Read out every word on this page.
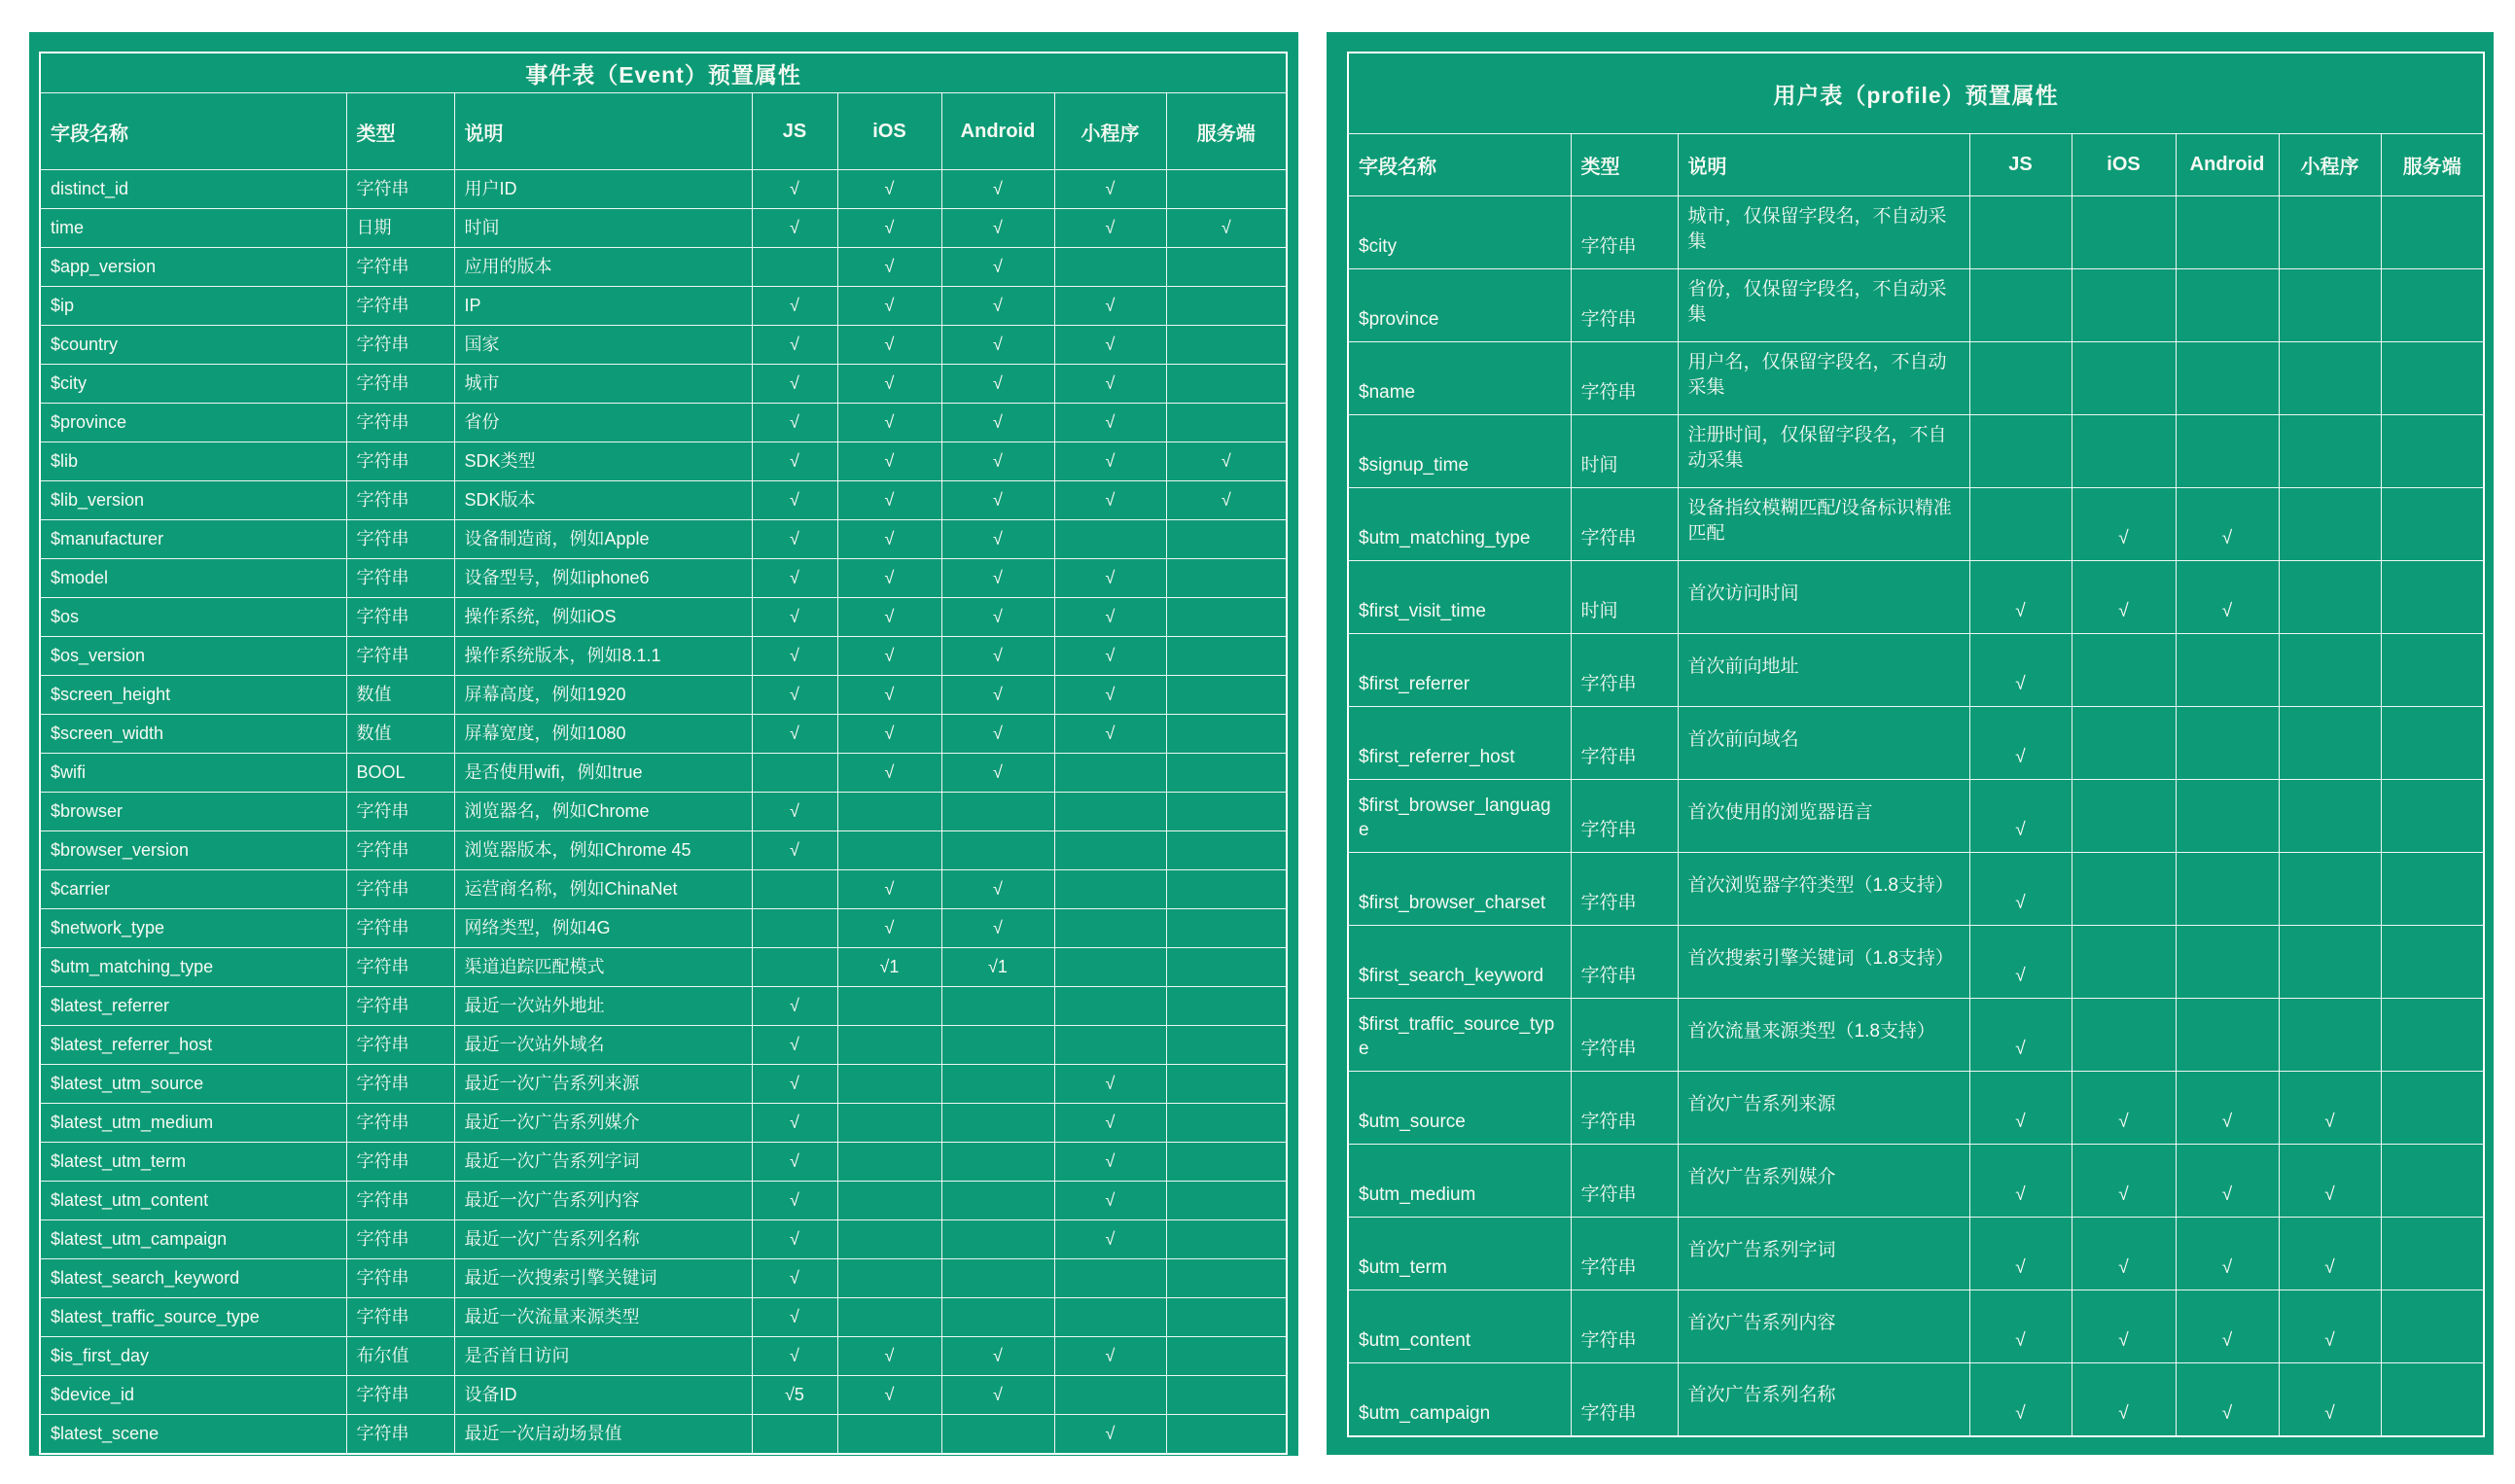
事件表（Event）预置属性							
字段名称	类型	说明	JS	iOS	Android	小程序	服务端
distinct_id	字符串	用户ID	√	√	√	√	
time	日期	时间	√	√	√	√	√
$app_version	字符串	应用的版本		√	√		
$ip	字符串	IP	√	√	√	√	
$country	字符串	国家	√	√	√	√	
$city	字符串	城市	√	√	√	√	
$province	字符串	省份	√	√	√	√	
$lib	字符串	SDK类型	√	√	√	√	√
$lib_version	字符串	SDK版本	√	√	√	√	√
$manufacturer	字符串	设备制造商，例如Apple	√	√	√		
$model	字符串	设备型号，例如iphone6	√	√	√	√	
$os	字符串	操作系统，例如iOS	√	√	√	√	
$os_version	字符串	操作系统版本，例如8.1.1	√	√	√	√	
$screen_height	数值	屏幕高度，例如1920	√	√	√	√	
$screen_width	数值	屏幕宽度，例如1080	√	√	√	√	
$wifi	BOOL	是否使用wifi，例如true		√	√		
$browser	字符串	浏览器名，例如Chrome	√				
$browser_version	字符串	浏览器版本，例如Chrome 45	√				
$carrier	字符串	运营商名称，例如ChinaNet		√	√		
$network_type	字符串	网络类型，例如4G		√	√		
$utm_matching_type	字符串	渠道追踪匹配模式		√1	√1		
$latest_referrer	字符串	最近一次站外地址	√				
$latest_referrer_host	字符串	最近一次站外域名	√				
$latest_utm_source	字符串	最近一次广告系列来源	√			√	
$latest_utm_medium	字符串	最近一次广告系列媒介	√			√	
$latest_utm_term	字符串	最近一次广告系列字词	√			√	
$latest_utm_content	字符串	最近一次广告系列内容	√			√	
$latest_utm_campaign	字符串	最近一次广告系列名称	√			√	
$latest_search_keyword	字符串	最近一次搜索引擎关键词	√				
$latest_traffic_source_type	字符串	最近一次流量来源类型	√				
$is_first_day	布尔值	是否首日访问	√	√	√	√	
$device_id	字符串	设备ID	√5	√	√		
$latest_scene	字符串	最近一次启动场景值				√	
用户表（profile）预置属性							
字段名称	类型	说明	JS	iOS	Android	小程序	服务端
$city	字符串	城市，仅保留字段名，不自动采集					
$province	字符串	省份，仅保留字段名，不自动采集					
$name	字符串	用户名，仅保留字段名，不自动采集					
$signup_time	时间	注册时间，仅保留字段名，不自动采集					
$utm_matching_type	字符串	设备指纹模糊匹配/设备标识精准匹配		√	√		
$first_visit_time	时间	首次访问时间	√	√	√		
$first_referrer	字符串	首次前向地址	√				
$first_referrer_host	字符串	首次前向域名	√				
$first_browser_language	字符串	首次使用的浏览器语言	√				
$first_browser_charset	字符串	首次浏览器字符类型（1.8支持）	√				
$first_search_keyword	字符串	首次搜索引擎关键词（1.8支持）	√				
$first_traffic_source_type	字符串	首次流量来源类型（1.8支持）	√				
$utm_source	字符串	首次广告系列来源	√	√	√	√	
$utm_medium	字符串	首次广告系列媒介	√	√	√	√	
$utm_term	字符串	首次广告系列字词	√	√	√	√	
$utm_content	字符串	首次广告系列内容	√	√	√	√	
$utm_campaign	字符串	首次广告系列名称	√	√	√	√	
